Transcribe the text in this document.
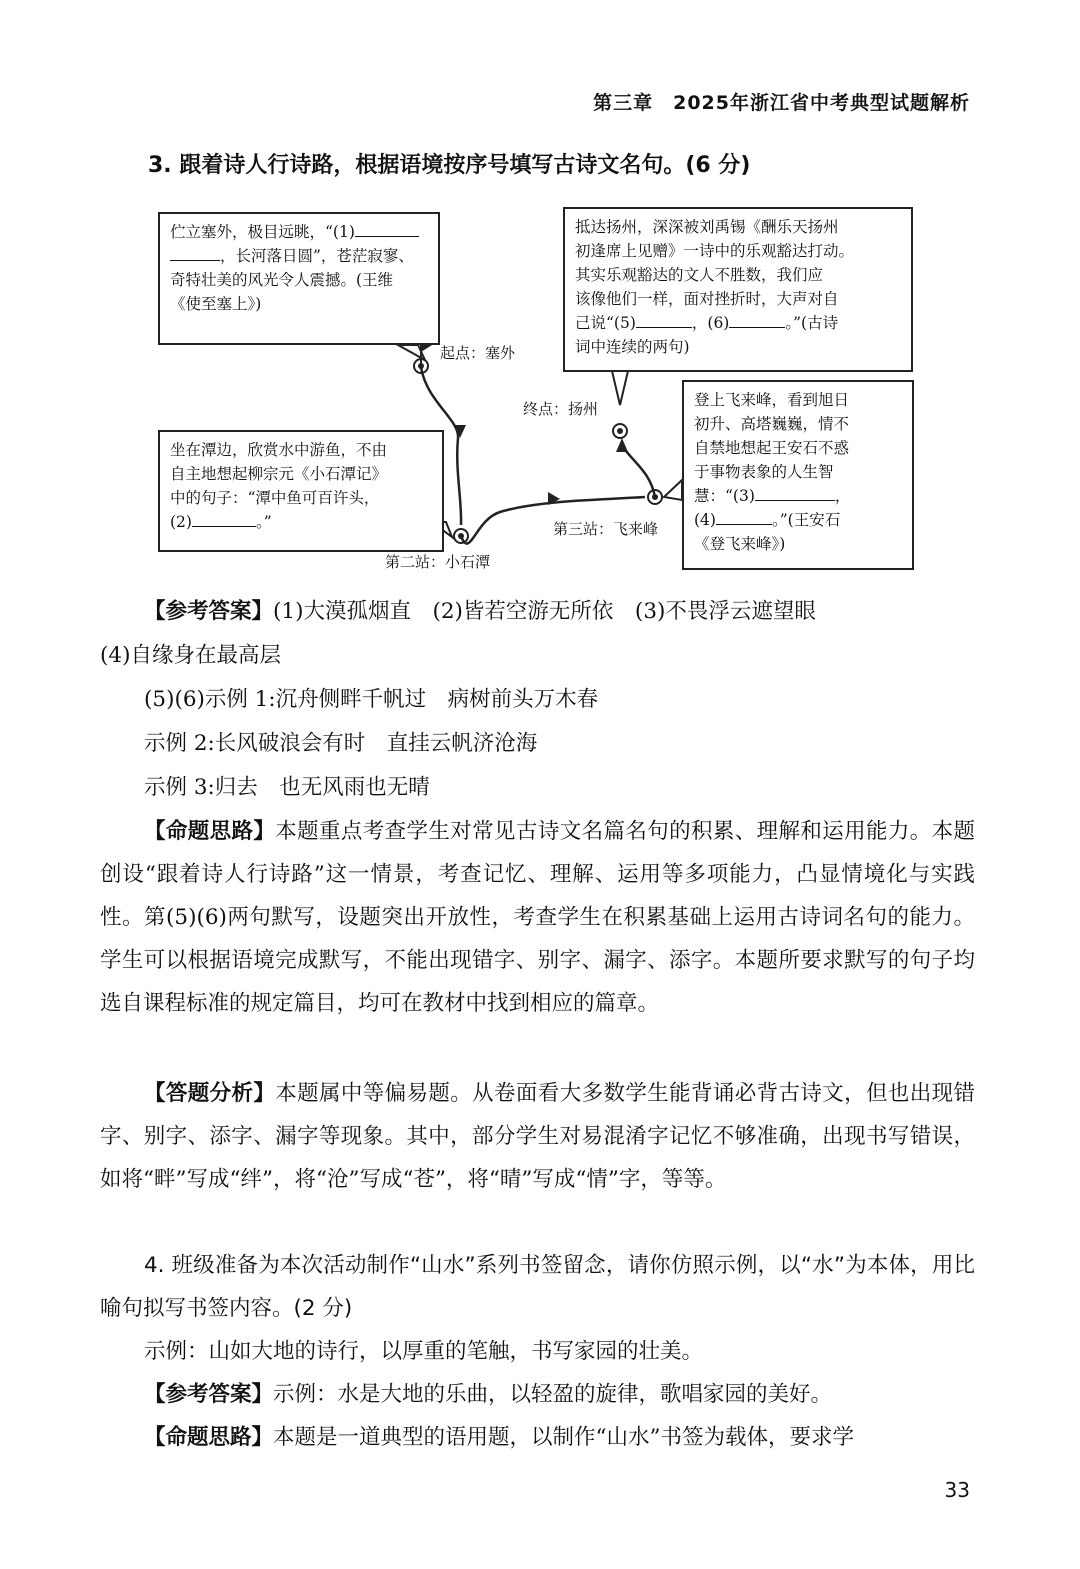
第三章　2025年浙江省中考典型试题解析
3. 跟着诗人行诗路，根据语境按序号填写古诗文名句。(6 分)
伫立塞外，极目远眺，“(1)
，长河落日圆”，苍茫寂寥、
奇特壮美的风光令人震撼。(王维
《使至塞上》)
起点：塞外
坐在潭边，欣赏水中游鱼，不由
自主地想起柳宗元《小石潭记》
中的句子：“潭中鱼可百许头，
(2)	。”
第二站：小石潭
抵达扬州，深深被刘禹锡《酬乐天扬州
初逢席上见赠》一诗中的乐观豁达打动。
其实乐观豁达的文人不胜数，我们应
该像他们一样，面对挫折时，大声对自
己说“(5)	，(6)	。”(古诗
词中连续的两句)
终点：扬州	登上飞来峰，看到旭日
初升、高塔巍巍，情不
自禁地想起王安石不惑
于事物表象的人生智
慧：“(3)	，
(4)	。”(王安石
《登飞来峰》)
第三站：飞来峰
【参考答案】(1)大漠孤烟直　(2)皆若空游无所依　(3)不畏浮云遮望眼
(4)自缘身在最高层
(5)(6)示例 1:沉舟侧畔千帆过　病树前头万木春
示例 2:长风破浪会有时　直挂云帆济沧海
示例 3:归去　也无风雨也无晴
【命题思路】本题重点考查学生对常见古诗文名篇名句的积累、理解和运用能力。本题创设“跟着诗人行诗路”这一情景，考查记忆、理解、运用等多项能力，凸显情境化与实践性。第(5)(6)两句默写，设题突出开放性，考查学生在积累基础上运用古诗词名句的能力。学生可以根据语境完成默写，不能出现错字、别字、漏字、添字。本题所要求默写的句子均选自课程标准的规定篇目，均可在教材中找到相应的篇章。
【答题分析】本题属中等偏易题。从卷面看大多数学生能背诵必背古诗文，但也出现错字、别字、添字、漏字等现象。其中，部分学生对易混淆字记忆不够准确，出现书写错误，如将“畔”写成“绊”，将“沧”写成“苍”，将“晴”写成“情”字，等等。
4. 班级准备为本次活动制作“山水”系列书签留念，请你仿照示例，以“水”为本体，用比喻句拟写书签内容。(2 分)
示例：山如大地的诗行，以厚重的笔触，书写家园的壮美。
【参考答案】示例：水是大地的乐曲，以轻盈的旋律，歌唱家园的美好。
【命题思路】本题是一道典型的语用题，以制作“山水”书签为载体，要求学
33
